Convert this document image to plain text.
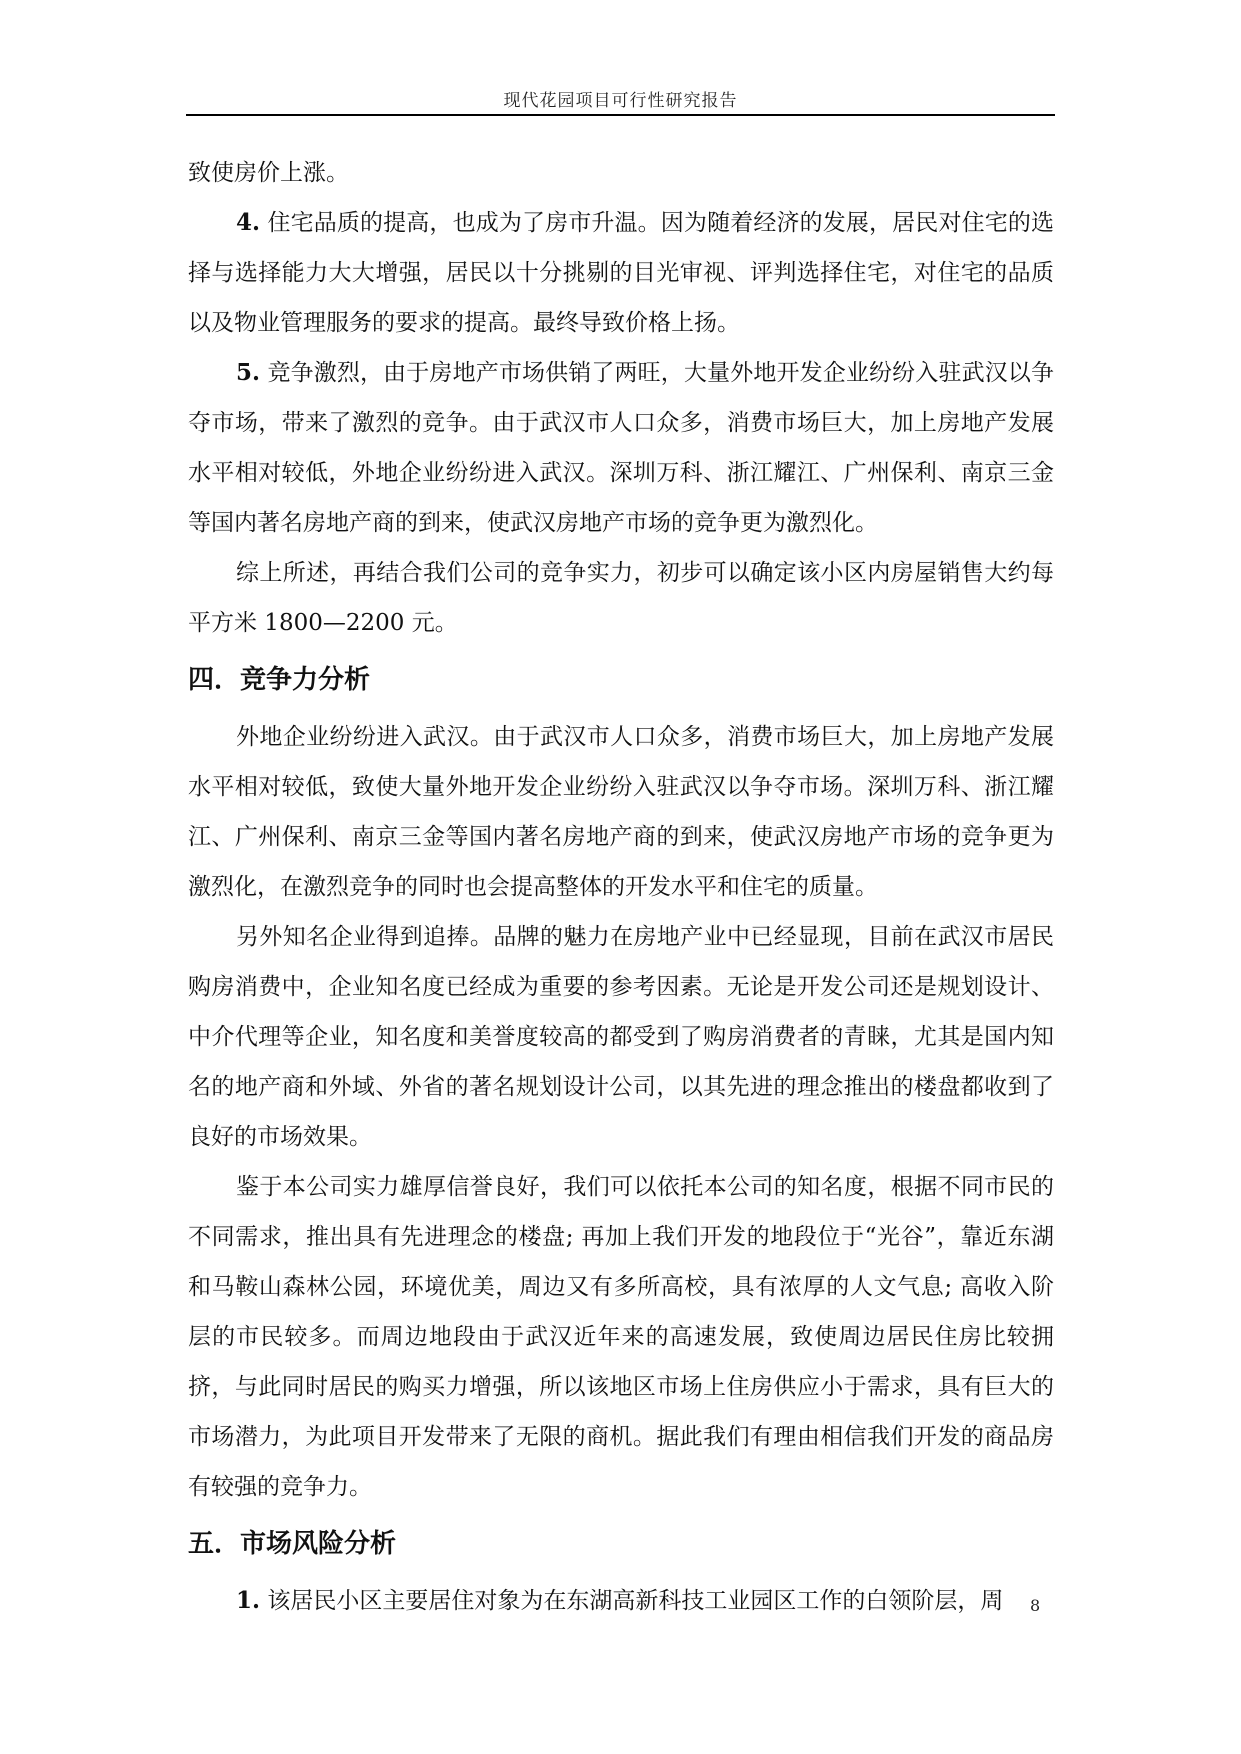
现代花园项目可行性研究报告

致使房价上涨。

4. 住宅品质的提高，也成为了房市升温。因为随着经济的发展，居民对住宅的选择与选择能力大大增强，居民以十分挑剔的目光审视、评判选择住宅，对住宅的品质以及物业管理服务的要求的提高。最终导致价格上扬。

5. 竞争激烈，由于房地产市场供销了两旺，大量外地开发企业纷纷入驻武汉以争夺市场，带来了激烈的竞争。由于武汉市人口众多，消费市场巨大，加上房地产发展水平相对较低，外地企业纷纷进入武汉。深圳万科、浙江耀江、广州保利、南京三金等国内著名房地产商的到来，使武汉房地产市场的竞争更为激烈化。

综上所述，再结合我们公司的竞争实力，初步可以确定该小区内房屋销售大约每平方米 1800—2200 元。

四．竞争力分析

外地企业纷纷进入武汉。由于武汉市人口众多，消费市场巨大，加上房地产发展水平相对较低，致使大量外地开发企业纷纷入驻武汉以争夺市场。深圳万科、浙江耀江、广州保利、南京三金等国内著名房地产商的到来，使武汉房地产市场的竞争更为激烈化，在激烈竞争的同时也会提高整体的开发水平和住宅的质量。

另外知名企业得到追捧。品牌的魅力在房地产业中已经显现，目前在武汉市居民购房消费中，企业知名度已经成为重要的参考因素。无论是开发公司还是规划设计、中介代理等企业，知名度和美誉度较高的都受到了购房消费者的青睐，尤其是国内知名的地产商和外域、外省的著名规划设计公司，以其先进的理念推出的楼盘都收到了良好的市场效果。

鉴于本公司实力雄厚信誉良好，我们可以依托本公司的知名度，根据不同市民的不同需求，推出具有先进理念的楼盘; 再加上我们开发的地段位于“光谷”，靠近东湖和马鞍山森林公园，环境优美，周边又有多所高校，具有浓厚的人文气息; 高收入阶层的市民较多。而周边地段由于武汉近年来的高速发展，致使周边居民住房比较拥挤，与此同时居民的购买力增强，所以该地区市场上住房供应小于需求，具有巨大的市场潜力，为此项目开发带来了无限的商机。据此我们有理由相信我们开发的商品房有较强的竞争力。

五．市场风险分析

1. 该居民小区主要居住对象为在东湖高新科技工业园区工作的白领阶层，周	8
